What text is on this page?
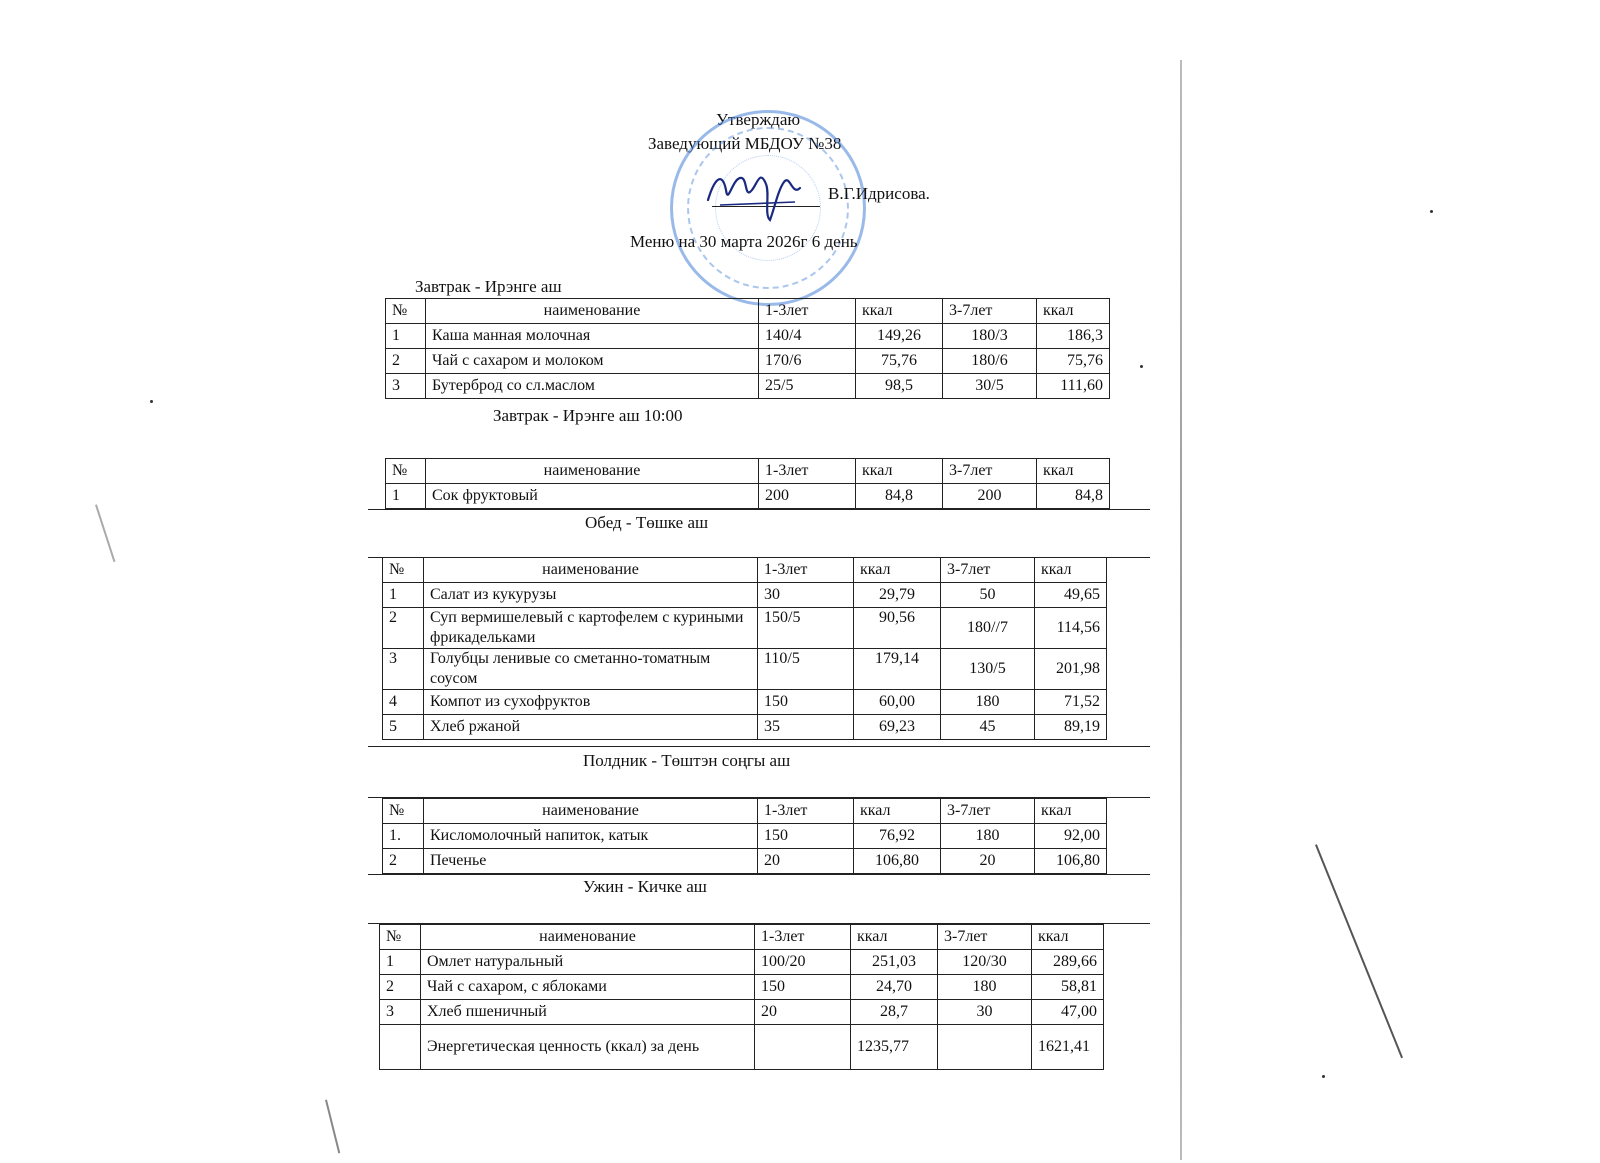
Утверждаю
Заведующий МБДОУ №38
В.Г.Идрисова.
Меню на 30 марта 2026г 6 день
Завтрак - Ирэнге аш
№	наименование	1-3лет	ккал	3-7лет	ккал
1	Каша манная молочная	140/4	149,26	180/3	186,3
2	Чай с сахаром и молоком	170/6	75,76	180/6	75,76
3	Бутерброд со сл.маслом	25/5	98,5	30/5	111,60
Завтрак - Ирэнге аш 10:00
№	наименование	1-3лет	ккал	3-7лет	ккал
1	Сок фруктовый	200	84,8	200	84,8
Обед - Төшке аш
№	наименование	1-3лет	ккал	3-7лет	ккал
1	Салат из кукурузы	30	29,79	50	49,65
2	Суп вермишелевый с картофелем с куриными фрикадельками	150/5	90,56	180//7	114,56
3	Голубцы ленивые со сметанно-томатным соусом	110/5	179,14	130/5	201,98
4	Компот из сухофруктов	150	60,00	180	71,52
5	Хлеб ржаной	35	69,23	45	89,19
Полдник - Төштэн соңгы аш
№	наименование	1-3лет	ккал	3-7лет	ккал
1.	Кисломолочный напиток, катык	150	76,92	180	92,00
2	Печенье	20	106,80	20	106,80
Ужин - Кичке аш
№	наименование	1-3лет	ккал	3-7лет	ккал
1	Омлет натуральный	100/20	251,03	120/30	289,66
2	Чай с сахаром, с яблоками	150	24,70	180	58,81
3	Хлеб пшеничный	20	28,7	30	47,00
	Энергетическая ценность (ккал) за день		1235,77		1621,41
